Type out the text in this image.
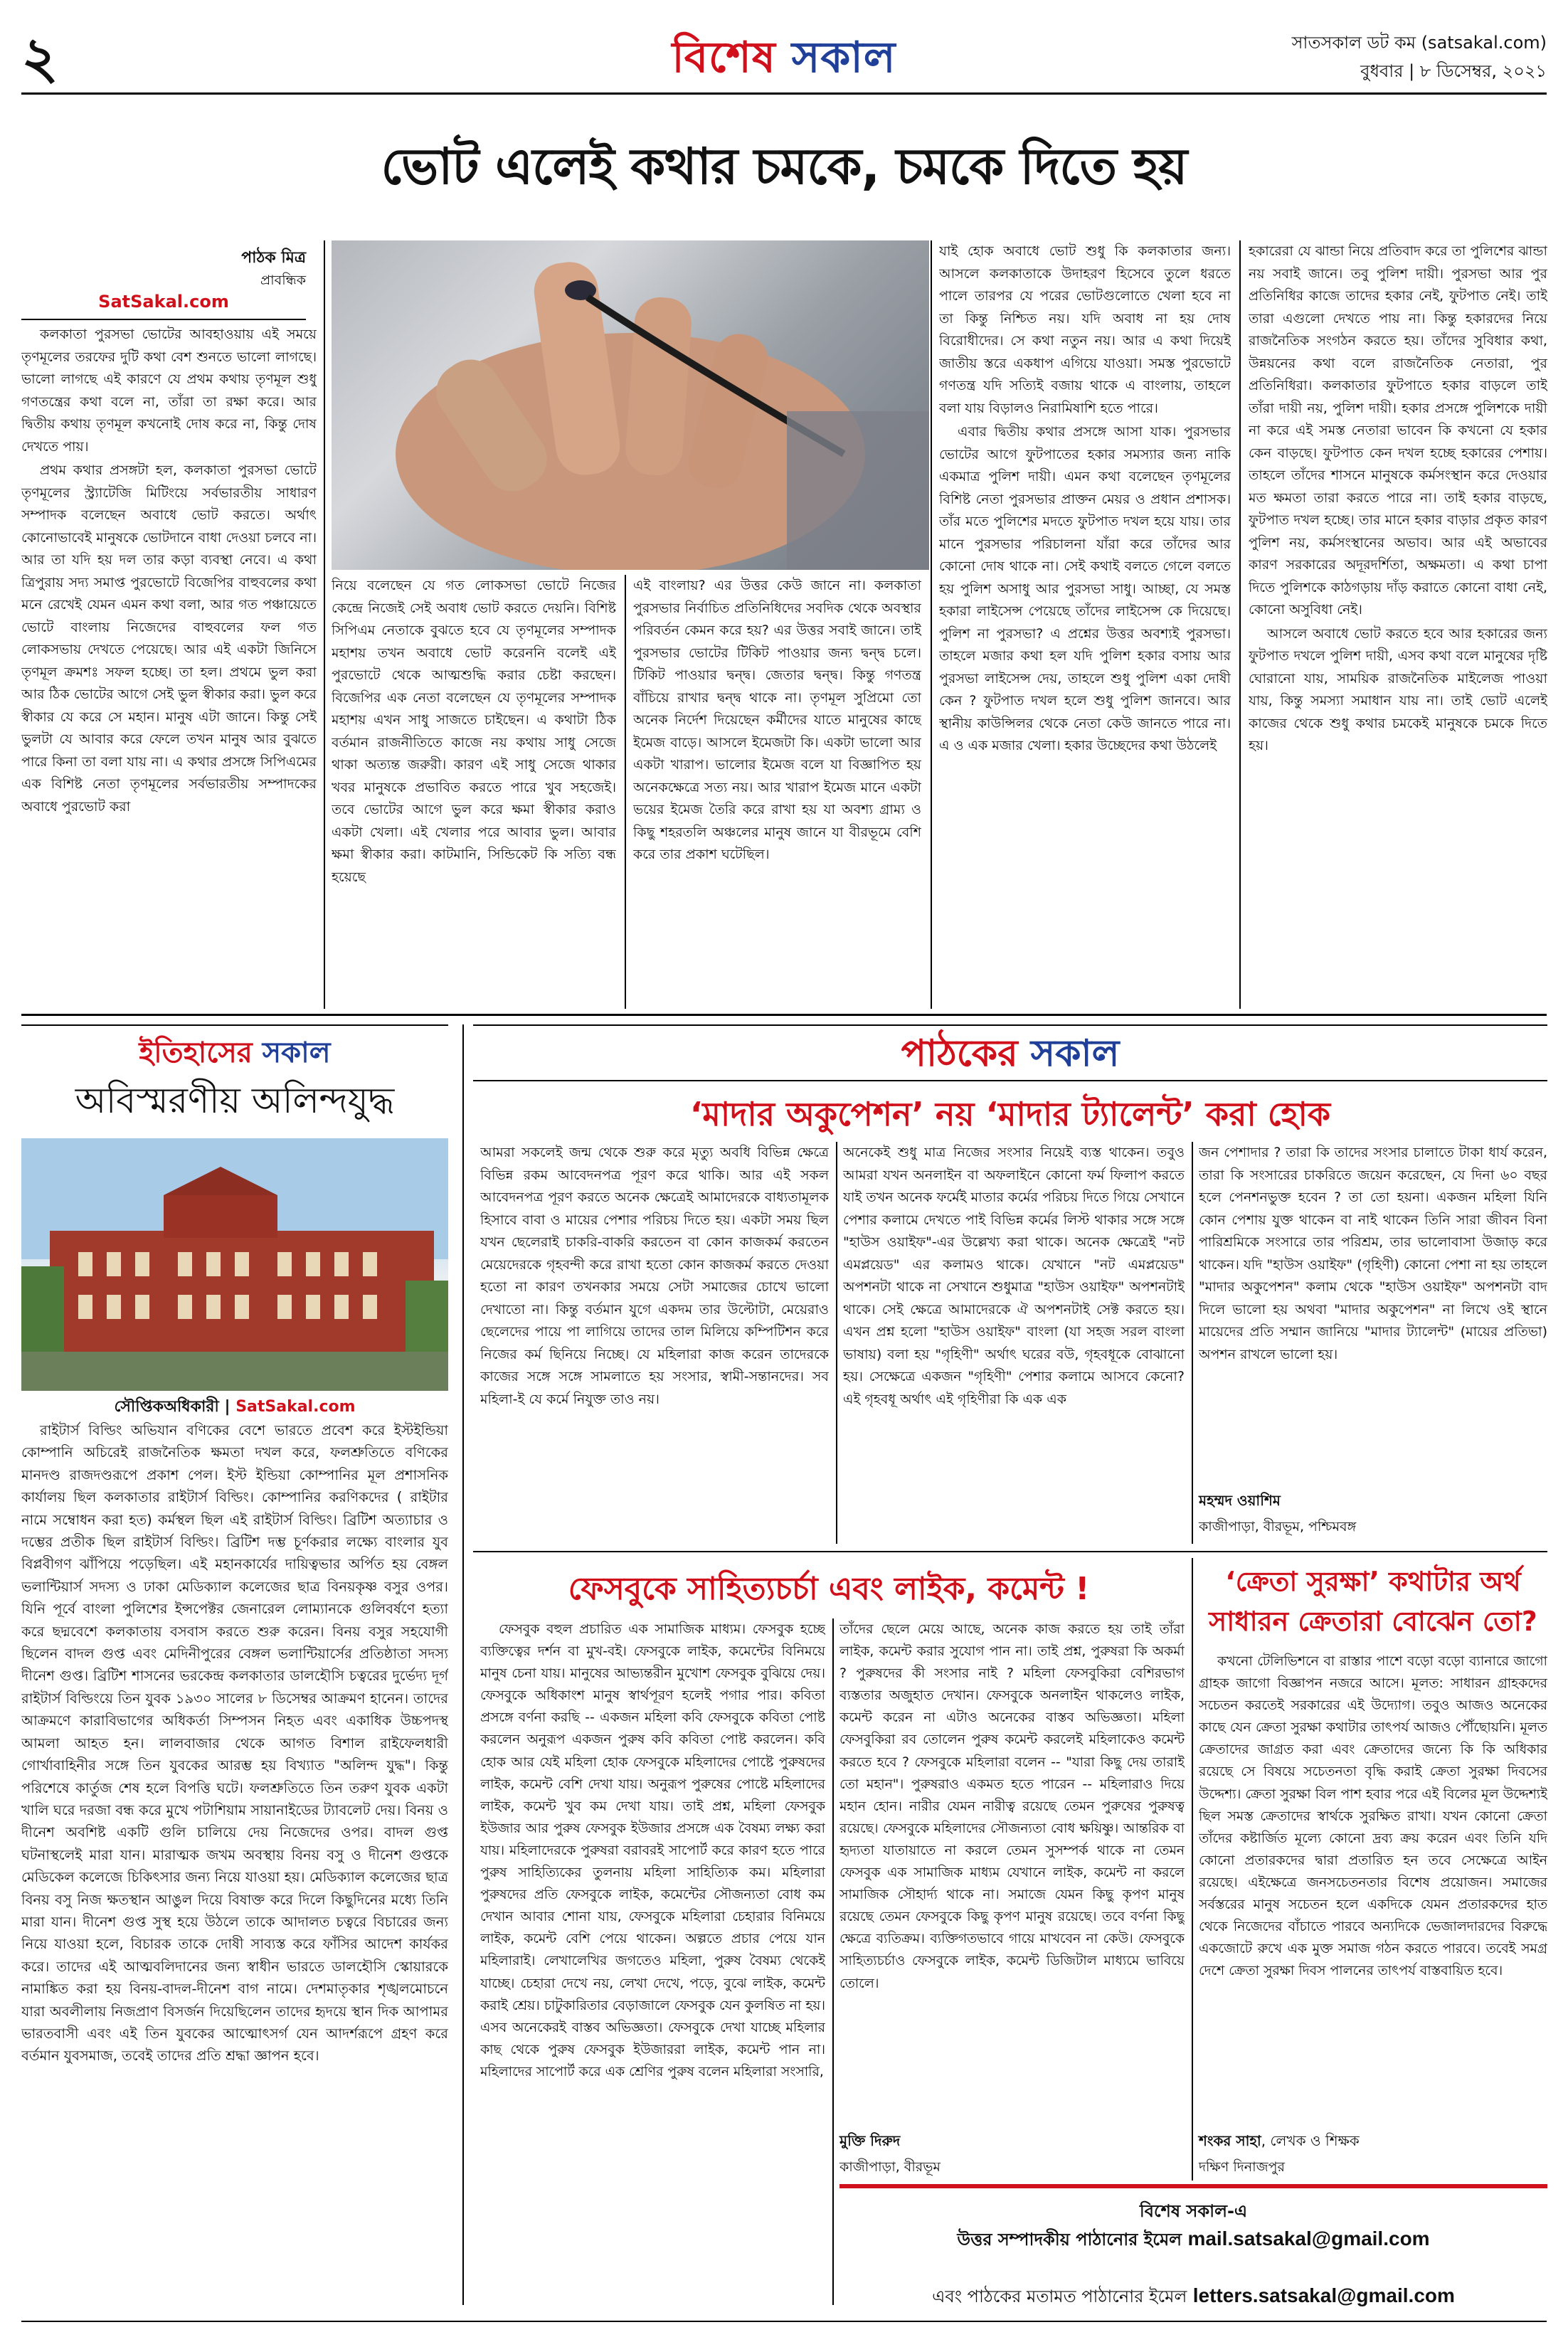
২	বিশেষ সকাল	সাতসকাল ডট কম (satsakal.com)
বুধবার | ৮ ডিসেম্বর, ২০২১
ভোট এলেই কথার চমকে, চমকে দিতে হয়
পাঠক মিত্র
প্রাবন্ধিক
SatSakal.com

কলকাতা পুরসভা ভোটের আবহাওয়ায় এই সময়ে তৃণমূলের তরফের দুটি কথা বেশ শুনতে ভালো লাগছে। ভালো লাগছে এই কারণে যে প্রথম কথায় তৃণমূল শুধু গণতন্ত্রের কথা বলে না, তাঁরা তা রক্ষা করে। আর দ্বিতীয় কথায় তৃণমূল কখনোই দোষ করে না, কিন্তু দোষ দেখতে পায়।

প্রথম কথার প্রসঙ্গটা হল, কলকাতা পুরসভা ভোটে তৃণমূলের স্ট্র্যাটেজি মিটিংয়ে সর্বভারতীয় সাধারণ সম্পাদক বলেছেন অবাধে ভোট করতে। অর্থাৎ কোনোভাবেই মানুষকে ভোটদানে বাধা দেওয়া চলবে না। আর তা যদি হয় দল তার কড়া ব্যবস্থা নেবে। এ কথা ত্রিপুরায় সদ্য সমাপ্ত পুরভোটে বিজেপির বাহুবলের কথা মনে রেখেই যেমন এমন কথা বলা, আর গত পঞ্চায়েতে ভোটে বাংলায় নিজেদের বাহুবলের ফল গত লোকসভায় দেখতে পেয়েছে। আর এই একটা জিনিসে তৃণমূল ক্রমশঃ সফল হচ্ছে। তা হল। প্রথমে ভুল করা আর ঠিক ভোটের আগে সেই ভুল স্বীকার করা। ভুল করে স্বীকার যে করে সে মহান। মানুষ এটা জানে। কিন্তু সেই ভুলটা যে আবার করে ফেলে তখন মানুষ আর বুঝতে পারে কিনা তা বলা যায় না। এ কথার প্রসঙ্গে সিপিএমের এক বিশিষ্ট নেতা তৃণমূলের সর্বভারতীয় সম্পাদকের অবাধে পুরভোট করা

নিয়ে বলেছেন যে গত লোকসভা ভোটে নিজের কেন্দ্রে নিজেই সেই অবাধ ভোট করতে দেয়নি। বিশিষ্ট সিপিএম নেতাকে বুঝতে হবে যে তৃণমূলের সম্পাদক মহাশয় তখন অবাধে ভোট করেননি বলেই এই পুরভোটে থেকে আত্মশুদ্ধি করার চেষ্টা করছেন। বিজেপির এক নেতা বলেছেন যে তৃণমূলের সম্পাদক মহাশয় এখন সাধু সাজতে চাইছেন। এ কথাটা ঠিক বর্তমান রাজনীতিতে কাজে নয় কথায় সাধু সেজে থাকা অত্যন্ত জরুরী। কারণ এই সাধু সেজে থাকার খবর মানুষকে প্রভাবিত করতে পারে খুব সহজেই। তবে ভোটের আগে ভুল করে ক্ষমা স্বীকার করাও একটা খেলা। এই খেলার পরে আবার ভুল। আবার ক্ষমা স্বীকার করা। কাটমানি, সিন্ডিকেট কি সত্যি বন্ধ হয়েছে

এই বাংলায়? এর উত্তর কেউ জানে না। কলকাতা পুরসভার নির্বাচিত প্রতিনিধিদের সবদিক থেকে অবস্থার পরিবর্তন কেমন করে হয়? এর উত্তর সবাই জানে। তাই পুরসভার ভোটের টিকিট পাওয়ার জন্য দ্বন্দ্ব চলে। টিকিট পাওয়ার দ্বন্দ্ব। জেতার দ্বন্দ্ব। কিন্তু গণতন্ত্র বাঁচিয়ে রাখার দ্বন্দ্ব থাকে না। তৃণমূল সুপ্রিমো তো অনেক নির্দেশ দিয়েছেন কর্মীদের যাতে মানুষের কাছে ইমেজ বাড়ে। আসলে ইমেজটা কি। একটা ভালো আর একটা খারাপ। ভালোর ইমেজ বলে যা বিজ্ঞাপিত হয় অনেকক্ষেত্রে সত্য নয়। আর খারাপ ইমেজ মানে একটা ভয়ের ইমেজ তৈরি করে রাখা হয় যা অবশ্য গ্রাম্য ও কিছু শহরতলি অঞ্চলের মানুষ জানে যা বীরভূমে বেশি করে তার প্রকাশ ঘটেছিল।

যাই হোক অবাধে ভোট শুধু কি কলকাতার জন্য। আসলে কলকাতাকে উদাহরণ হিসেবে তুলে ধরতে পালে তারপর যে পরের ভোটগুলোতে খেলা হবে না তা কিন্তু নিশ্চিত নয়। যদি অবাধ না হয় দোষ বিরোধীদের। সে কথা নতুন নয়। আর এ কথা দিয়েই জাতীয় স্তরে একধাপ এগিয়ে যাওয়া। সমস্ত পুরভোটে গণতন্ত্র যদি সত্যিই বজায় থাকে এ বাংলায়, তাহলে বলা যায় বিড়ালও নিরামিষাশি হতে পারে।

এবার দ্বিতীয় কথার প্রসঙ্গে আসা যাক। পুরসভার ভোটের আগে ফুটপাতের হকার সমস্যার জন্য নাকি একমাত্র পুলিশ দায়ী। এমন কথা বলেছেন তৃণমূলের বিশিষ্ট নেতা পুরসভার প্রাক্তন মেয়র ও প্রধান প্রশাসক। তাঁর মতে পুলিশের মদতে ফুটপাত দখল হয়ে যায়। তার মানে পুরসভার পরিচালনা যাঁরা করে তাঁদের আর কোনো দোষ থাকে না। সেই কথাই বলতে গেলে বলতে হয় পুলিশ অসাধু আর পুরসভা সাধু। আচ্ছা, যে সমস্ত হকারা লাইসেন্স পেয়েছে তাঁদের লাইসেন্স কে দিয়েছে। পুলিশ না পুরসভা? এ প্রশ্নের উত্তর অবশ্যই পুরসভা। তাহলে মজার কথা হল যদি পুলিশ হকার বসায় আর পুরসভা লাইসেন্স দেয়, তাহলে শুধু পুলিশ একা দোষী কেন ? ফুটপাত দখল হলে শুধু পুলিশ জানবে। আর স্থানীয় কাউন্সিলর থেকে নেতা কেউ জানতে পারে না। এ ও এক মজার খেলা। হকার উচ্ছেদের কথা উঠলেই

হকারেরা যে ঝান্ডা নিয়ে প্রতিবাদ করে তা পুলিশের ঝান্ডা নয় সবাই জানে। তবু পুলিশ দায়ী। পুরসভা আর পুর প্রতিনিধির কাজে তাদের হকার নেই, ফুটপাত নেই। তাই তারা এগুলো দেখতে পায় না। কিন্তু হকারদের নিয়ে রাজনৈতিক সংগঠন করতে হয়। তাঁদের সুবিধার কথা, উন্নয়নের কথা বলে রাজনৈতিক নেতারা, পুর প্রতিনিধিরা। কলকাতার ফুটপাতে হকার বাড়লে তাই তাঁরা দায়ী নয়, পুলিশ দায়ী। হকার প্রসঙ্গে পুলিশকে দায়ী না করে এই সমস্ত নেতারা ভাবেন কি কখনো যে হকার কেন বাড়ছে। ফুটপাত কেন দখল হচ্ছে হকারের পেশায়। তাহলে তাঁদের শাসনে মানুষকে কর্মসংস্থান করে দেওয়ার মত ক্ষমতা তারা করতে পারে না। তাই হকার বাড়ছে, ফুটপাত দখল হচ্ছে। তার মানে হকার বাড়ার প্রকৃত কারণ পুলিশ নয়, কর্মসংস্থানের অভাব। আর এই অভাবের কারণ সরকারের অদূরদর্শিতা, অক্ষমতা। এ কথা চাপা দিতে পুলিশকে কাঠগড়ায় দাঁড় করাতে কোনো বাধা নেই, কোনো অসুবিধা নেই।

আসলে অবাধে ভোট করতে হবে আর হকারের জন্য ফুটপাত দখলে পুলিশ দায়ী, এসব কথা বলে মানুষের দৃষ্টি ঘোরানো যায়, সাময়িক রাজনৈতিক মাইলেজ পাওয়া যায়, কিন্তু সমস্যা সমাধান যায় না। তাই ভোট এলেই কাজের থেকে শুধু কথার চমকেই মানুষকে চমকে দিতে হয়।

ইতিহাসের সকাল
অবিস্মরণীয় অলিন্দযুদ্ধ
সৌপ্তিকঅধিকারী | SatSakal.com

রাইটার্স বিল্ডিং অভিযান বণিকের বেশে ভারতে প্রবেশ করে ইস্টইন্ডিয়া কোম্পানি অচিরেই রাজনৈতিক ক্ষমতা দখল করে, ফলশ্রুতিতে বণিকের মানদণ্ড রাজদণ্ডরূপে প্রকাশ পেল। ইস্ট ইন্ডিয়া কোম্পানির মূল প্রশাসনিক কার্যালয় ছিল কলকাতার রাইটার্স বিল্ডিং। কোম্পানির করণিকদের ( রাইটার নামে সম্বোধন করা হত) কর্মস্থল ছিল এই রাইটার্স বিল্ডিং। ব্রিটিশ অত্যাচার ও দম্ভের প্রতীক ছিল রাইটার্স বিল্ডিং। ব্রিটিশ দম্ভ চূর্ণকরার লক্ষ্যে বাংলার যুব বিপ্লবীগণ ঝাঁপিয়ে পড়েছিল। এই মহানকার্যের দায়িত্বভার অর্পিত হয় বেঙ্গল ভলান্টিয়ার্স সদস্য ও ঢাকা মেডিক্যাল কলেজের ছাত্র বিনয়কৃষ্ণ বসুর ওপর। যিনি পূর্বে বাংলা পুলিশের ইন্সপেক্টর জেনারেল লোম্যানকে গুলিবর্ষণে হত্যা করে ছদ্মবেশে কলকাতায় বসবাস করতে শুরু করেন। বিনয় বসুর সহযোগী ছিলেন বাদল গুপ্ত এবং মেদিনীপুরের বেঙ্গল ভলান্টিয়ার্সের প্রতিষ্ঠাতা সদস্য দীনেশ গুপ্ত। ব্রিটিশ শাসনের ভরকেন্দ্র কলকাতার ডালহৌসি চত্বরের দুর্ভেদ্য দূর্গ রাইটার্স বিল্ডিংয়ে তিন যুবক ১৯৩০ সালের ৮ ডিসেম্বর আক্রমণ হানেন। তাদের আক্রমণে কারাবিভাগের অধিকর্তা সিম্পসন নিহত এবং একাধিক উচ্চপদস্থ আমলা আহত হন। লালবাজার থেকে আগত বিশাল রাইফেলধারী গোর্খাবাহিনীর সঙ্গে তিন যুবকের আরম্ভ হয় বিখ্যাত "অলিন্দ যুদ্ধ"। কিন্তু পরিশেষে কার্তুজ শেষ হলে বিপত্তি ঘটে। ফলশ্রুতিতে তিন তরুণ যুবক একটা খালি ঘরে দরজা বন্ধ করে মুখে পটাশিয়াম সায়ানাইডের ট্যাবলেট দেয়। বিনয় ও দীনেশ অবশিষ্ট একটি গুলি চালিয়ে দেয় নিজেদের ওপর। বাদল গুপ্ত ঘটনাস্থলেই মারা যান। মারাত্মক জখম অবস্থায় বিনয় বসু ও দীনেশ গুপ্তকে মেডিকেল কলেজে চিকিৎসার জন্য নিয়ে যাওয়া হয়। মেডিক্যাল কলেজের ছাত্র বিনয় বসু নিজ ক্ষতস্থান আঙুল দিয়ে বিষাক্ত করে দিলে কিছুদিনের মধ্যে তিনি মারা যান। দীনেশ গুপ্ত সুস্থ হয়ে উঠলে তাকে আদালত চত্বরে বিচারের জন্য নিয়ে যাওয়া হলে, বিচারক তাকে দোষী সাব্যস্ত করে ফাঁসির আদেশ কার্যকর করে। তাদের এই আত্মবলিদানের জন্য স্বাধীন ভারতে ডালহৌসি স্কোয়ারকে নামাঙ্কিত করা হয় বিনয়-বাদল-দীনেশ বাগ নামে। দেশমাতৃকার শৃঙ্খলমোচনে যারা অবলীলায় নিজপ্রাণ বিসর্জন দিয়েছিলেন তাদের হৃদয়ে স্থান দিক আপামর ভারতবাসী এবং এই তিন যুবকের আত্মোৎসর্গ যেন আদর্শরূপে গ্রহণ করে বর্তমান যুবসমাজ, তবেই তাদের প্রতি শ্রদ্ধা জ্ঞাপন হবে।

পাঠকের সকাল
‘মাদার অকুপেশন’ নয় ‘মাদার ট্যালেন্ট’ করা হোক

আমরা সকলেই জন্ম থেকে শুরু করে মৃত্যু অবধি বিভিন্ন ক্ষেত্রে বিভিন্ন রকম আবেদনপত্র পূরণ করে থাকি। আর এই সকল আবেদনপত্র পূরণ করতে অনেক ক্ষেত্রেই আমাদেরকে বাধ্যতামূলক হিসাবে বাবা ও মায়ের পেশার পরিচয় দিতে হয়। একটা সময় ছিল যখন ছেলেরাই চাকরি-বাকরি করতেন বা কোন কাজকর্ম করতেন মেয়েদেরকে গৃহবন্দী করে রাখা হতো কোন কাজকর্ম করতে দেওয়া হতো না কারণ তখনকার সময়ে সেটা সমাজের চোখে ভালো দেখাতো না। কিন্তু বর্তমান যুগে একদম তার উল্টোটা, মেয়েরাও ছেলেদের পায়ে পা লাগিয়ে তাদের তাল মিলিয়ে কম্পিটিশন করে নিজের কর্ম ছিনিয়ে নিচ্ছে। যে মহিলারা কাজ করেন তাদেরকে কাজের সঙ্গে সঙ্গে সামলাতে হয় সংসার, স্বামী-সন্তানদের। সব মহিলা-ই যে কর্মে নিযুক্ত তাও নয়।

অনেকেই শুধু মাত্র নিজের সংসার নিয়েই ব্যস্ত থাকেন। তবুও আমরা যখন অনলাইন বা অফলাইনে কোনো ফর্ম ফিলাপ করতে যাই তখন অনেক ফর্মেই মাতার কর্মের পরিচয় দিতে গিয়ে সেখানে পেশার কলামে দেখতে পাই বিভিন্ন কর্মের লিস্ট থাকার সঙ্গে সঙ্গে "হাউস ওয়াইফ"-এর উল্লেখ্য করা থাকে। অনেক ক্ষেত্রেই "নট এমপ্লয়েড" এর কলামও থাকে। যেখানে "নট এমপ্লয়েড" অপশনটা থাকে না সেখানে শুধুমাত্র "হাউস ওয়াইফ" অপশনটাই থাকে। সেই ক্ষেত্রে আমাদেরকে ঐ অপশনটাই সেক্ট করতে হয়। এখন প্রশ্ন হলো "হাউস ওয়াইফ" বাংলা (যা সহজ সরল বাংলা ভাষায়) বলা হয় "গৃহিণী" অর্থাৎ ঘরের বউ, গৃহবধূকে বোঝানো হয়। সেক্ষেত্রে একজন "গৃহিণী" পেশার কলামে আসবে কেনো? এই গৃহবধূ অর্থাৎ এই গৃহিণীরা কি এক এক

জন পেশাদার ? তারা কি তাদের সংসার চালাতে টাকা ধার্য করেন, তারা কি সংসারের চাকরিতে জয়েন করেছেন, যে দিনা ৬০ বছর হলে পেনশনভুক্ত হবেন ? তা তো হয়না। একজন মহিলা যিনি কোন পেশায় যুক্ত থাকেন বা নাই থাকেন তিনি সারা জীবন বিনা পারিশ্রমিকে সংসারে তার পরিশ্রম, তার ভালোবাসা উজাড় করে থাকেন। যদি "হাউস ওয়াইফ" (গৃহিণী) কোনো পেশা না হয় তাহলে "মাদার অকুপেশন" কলাম থেকে "হাউস ওয়াইফ" অপশনটা বাদ দিলে ভালো হয় অথবা "মাদার অকুপেশন" না লিখে ওই স্থানে মায়েদের প্রতি সম্মান জানিয়ে "মাদার ট্যালেন্ট" (মায়ের প্রতিভা) অপশন রাখলে ভালো হয়।

মহম্মদ ওয়াশিম
কাজীপাড়া, বীরভূম, পশ্চিমবঙ্গ
ফেসবুকে সাহিত্যচর্চা এবং লাইক, কমেন্ট !

ফেসবুক বহুল প্রচারিত এক সামাজিক মাধ্যম। ফেসবুক হচ্ছে ব্যক্তিত্বের দর্শন বা মুখ-বই। ফেসবুকে লাইক, কমেন্টের বিনিময়ে মানুষ চেনা যায়। মানুষের আভ্যন্তরীন মুখোশ ফেসবুক বুঝিয়ে দেয়। ফেসবুকে অধিকাংশ মানুষ স্বার্থপূরণ হলেই পগার পার। কবিতা প্রসঙ্গে বর্ণনা করছি -- একজন মহিলা কবি ফেসবুকে কবিতা পোষ্ট করলেন অনুরূপ একজন পুরুষ কবি কবিতা পোষ্ট করলেন। কবি হোক আর যেই মহিলা হোক ফেসবুকে মহিলাদের পোষ্টে পুরুষদের লাইক, কমেন্ট বেশি দেখা যায়। অনুরূপ পুরুষের পোষ্টে মহিলাদের লাইক, কমেন্ট খুব কম দেখা যায়। তাই প্রশ্ন, মহিলা ফেসবুক ইউজার আর পুরুষ ফেসবুক ইউজার প্রসঙ্গে এক বৈষম্য লক্ষ্য করা যায়। মহিলাদেরকে পুরুষরা বরাবরই সাপোর্ট করে কারণ হতে পারে পুরুষ সাহিত্যিকের তুলনায় মহিলা সাহিত্যিক কম। মহিলারা পুরুষদের প্রতি ফেসবুকে লাইক, কমেন্টের সৌজন্যতা বোধ কম দেখান আবার শোনা যায়, ফেসবুকে মহিলারা চেহারার বিনিময়ে লাইক, কমেন্ট বেশি পেয়ে থাকেন। অল্পতে প্রচার পেয়ে যান মহিলারাই। লেখালেখির জগতেও মহিলা, পুরুষ বৈষম্য থেকেই যাচ্ছে। চেহারা দেখে নয়, লেখা দেখে, পড়ে, বুঝে লাইক, কমেন্ট করাই শ্রেয়। চাটুকারিতার বেড়াজালে ফেসবুক যেন কুলষিত না হয়। এসব অনেকেরই বাস্তব অভিজ্ঞতা। ফেসবুকে দেখা যাচ্ছে মহিলার কাছ থেকে পুরুষ ফেসবুক ইউজাররা লাইক, কমেন্ট পান না। মহিলাদের সাপোর্ট করে এক শ্রেণির পুরুষ বলেন মহিলারা সংসারি,

তাঁদের ছেলে মেয়ে আছে, অনেক কাজ করতে হয় তাই তাঁরা লাইক, কমেন্ট করার সুযোগ পান না। তাই প্রশ্ন, পুরুষরা কি অকর্মা ? পুরুষদের কী সংসার নাই ? মহিলা ফেসবুকিরা বেশিরভাগ ব্যস্ততার অজুহাত দেখান। ফেসবুকে অনলাইন থাকলেও লাইক, কমেন্ট করেন না এটাও অনেকের বাস্তব অভিজ্ঞতা। মহিলা ফেসবুকিরা রব তোলেন পুরুষ কমেন্ট করলেই মহিলাকেও কমেন্ট করতে হবে ? ফেসবুকে মহিলারা বলেন -- "যারা কিছু দেয় তারাই তো মহান"। পুরুষরাও একমত হতে পারেন -- মহিলারাও দিয়ে মহান হোন। নারীর যেমন নারীত্ব রয়েছে তেমন পুরুষের পুরুষত্ব রয়েছে। ফেসবুকে মহিলাদের সৌজন্যতা বোধ ক্ষয়িষ্ণু। আন্তরিক বা হৃদ্যতা যাতায়াতে না করলে তেমন সুসম্পর্ক থাকে না তেমন ফেসবুক এক সামাজিক মাধ্যম যেখানে লাইক, কমেন্ট না করলে সামাজিক সৌহার্দ্য থাকে না। সমাজে যেমন কিছু কৃপণ মানুষ রয়েছে তেমন ফেসবুকে কিছু কৃপণ মানুষ রয়েছে। তবে বর্ণনা কিছু ক্ষেত্রে ব্যতিক্রম। ব্যক্তিগতভাবে গায়ে মাখবেন না কেউ। ফেসবুকে সাহিত্যচর্চাও ফেসবুকে লাইক, কমেন্ট ডিজিটাল মাধ্যমে ভাবিয়ে তোলে।

মুক্তি দিরুদ
কাজীপাড়া, বীরভূম
‘ক্রেতা সুরক্ষা’ কথাটার অর্থ সাধারন ক্রেতারা বোঝেন তো?

কখনো টেলিভিশনে বা রাস্তার পাশে বড়ো বড়ো ব্যানারে জাগো গ্রাহক জাগো বিজ্ঞাপন নজরে আসে। মূলত: সাধারন গ্রাহকদের সচেতন করতেই সরকারের এই উদ্যোগ। তবুও আজও অনেকের কাছে যেন ক্রেতা সুরক্ষা কথাটার তাৎপর্য আজও পৌঁছোয়নি। মূলত ক্রেতাদের জাগ্রত করা এবং ক্রেতাদের জন্যে কি কি অধিকার রয়েছে সে বিষয়ে সচেতনতা বৃদ্ধি করাই ক্রেতা সুরক্ষা দিবসের উদ্দেশ্য। ক্রেতা সুরক্ষা বিল পাশ হবার পরে এই বিলের মূল উদ্দেশ্যই ছিল সমস্ত ক্রেতাদের স্বার্থকে সুরক্ষিত রাখা। যখন কোনো ক্রেতা তাঁদের কষ্টার্জিত মূল্যে কোনো দ্রব্য ক্রয় করেন এবং তিনি যদি কোনো প্রতারকদের দ্বারা প্রতারিত হন তবে সেক্ষেত্রে আইন রয়েছে। এইক্ষেত্রে জনসচেতনতার বিশেষ প্রয়োজন। সমাজের সর্বস্তরের মানুষ সচেতন হলে একদিকে যেমন প্রতারকদের হাত থেকে নিজেদের বাঁচাতে পারবে অন্যদিকে ভেজালদারদের বিরুদ্ধে একজোটে রুখে এক মুক্ত সমাজ গঠন করতে পারবে। তবেই সমগ্র দেশে ক্রেতা সুরক্ষা দিবস পালনের তাৎপর্য বাস্তবায়িত হবে।

শংকর সাহা, লেখক ও শিক্ষক
দক্ষিণ দিনাজপুর
বিশেষ সকাল-এ
উত্তর সম্পাদকীয় পাঠানোর ইমেল mail.satsakal@gmail.com
এবং পাঠকের মতামত পাঠানোর ইমেল letters.satsakal@gmail.com
